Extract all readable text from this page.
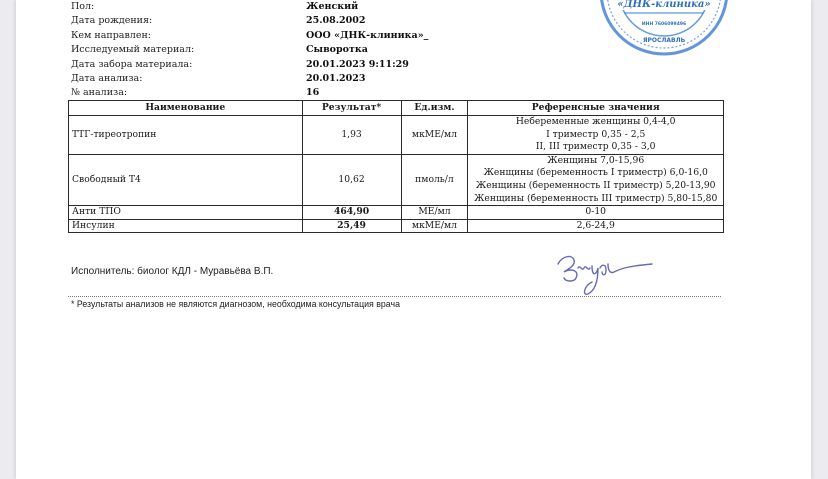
Пол:	Женский
Дата рождения:	25.08.2002
Кем направлен:	ООО «ДНК-клиника»_
Исследуемый материал:	Сыворотка
Дата забора материала:	20.01.2023 9:11:29
Дата анализа:	20.01.2023
№ анализа:	16
«ДНК-клиника»
ИНН 7606099496
ЯРОСЛАВЛЬ
Наименование	Результат*	Ед.изм.	Референсные значения
ТТГ-тиреотропин	1,93	мкМЕ/мл	Небеременные женщины 0,4-4,0
I триместр 0,35 - 2,5
II, III триместр 0,35 - 3,0

Свободный Т4	10,62	пмоль/л	Женщины 7,0-15,96
Женщины (беременность I триместр) 6,0-16,0
Женщины (беременность II триместр) 5,20-13,90
Женщины (беременность III триместр) 5,80-15,80

Анти ТПО	464,90	МЕ/мл	0-10
Инсулин	25,49	мкМЕ/мл	2,6-24,9
Исполнитель: биолог КДЛ - Муравьёва В.П.
* Результаты анализов не являются диагнозом, необходима консультация врача
